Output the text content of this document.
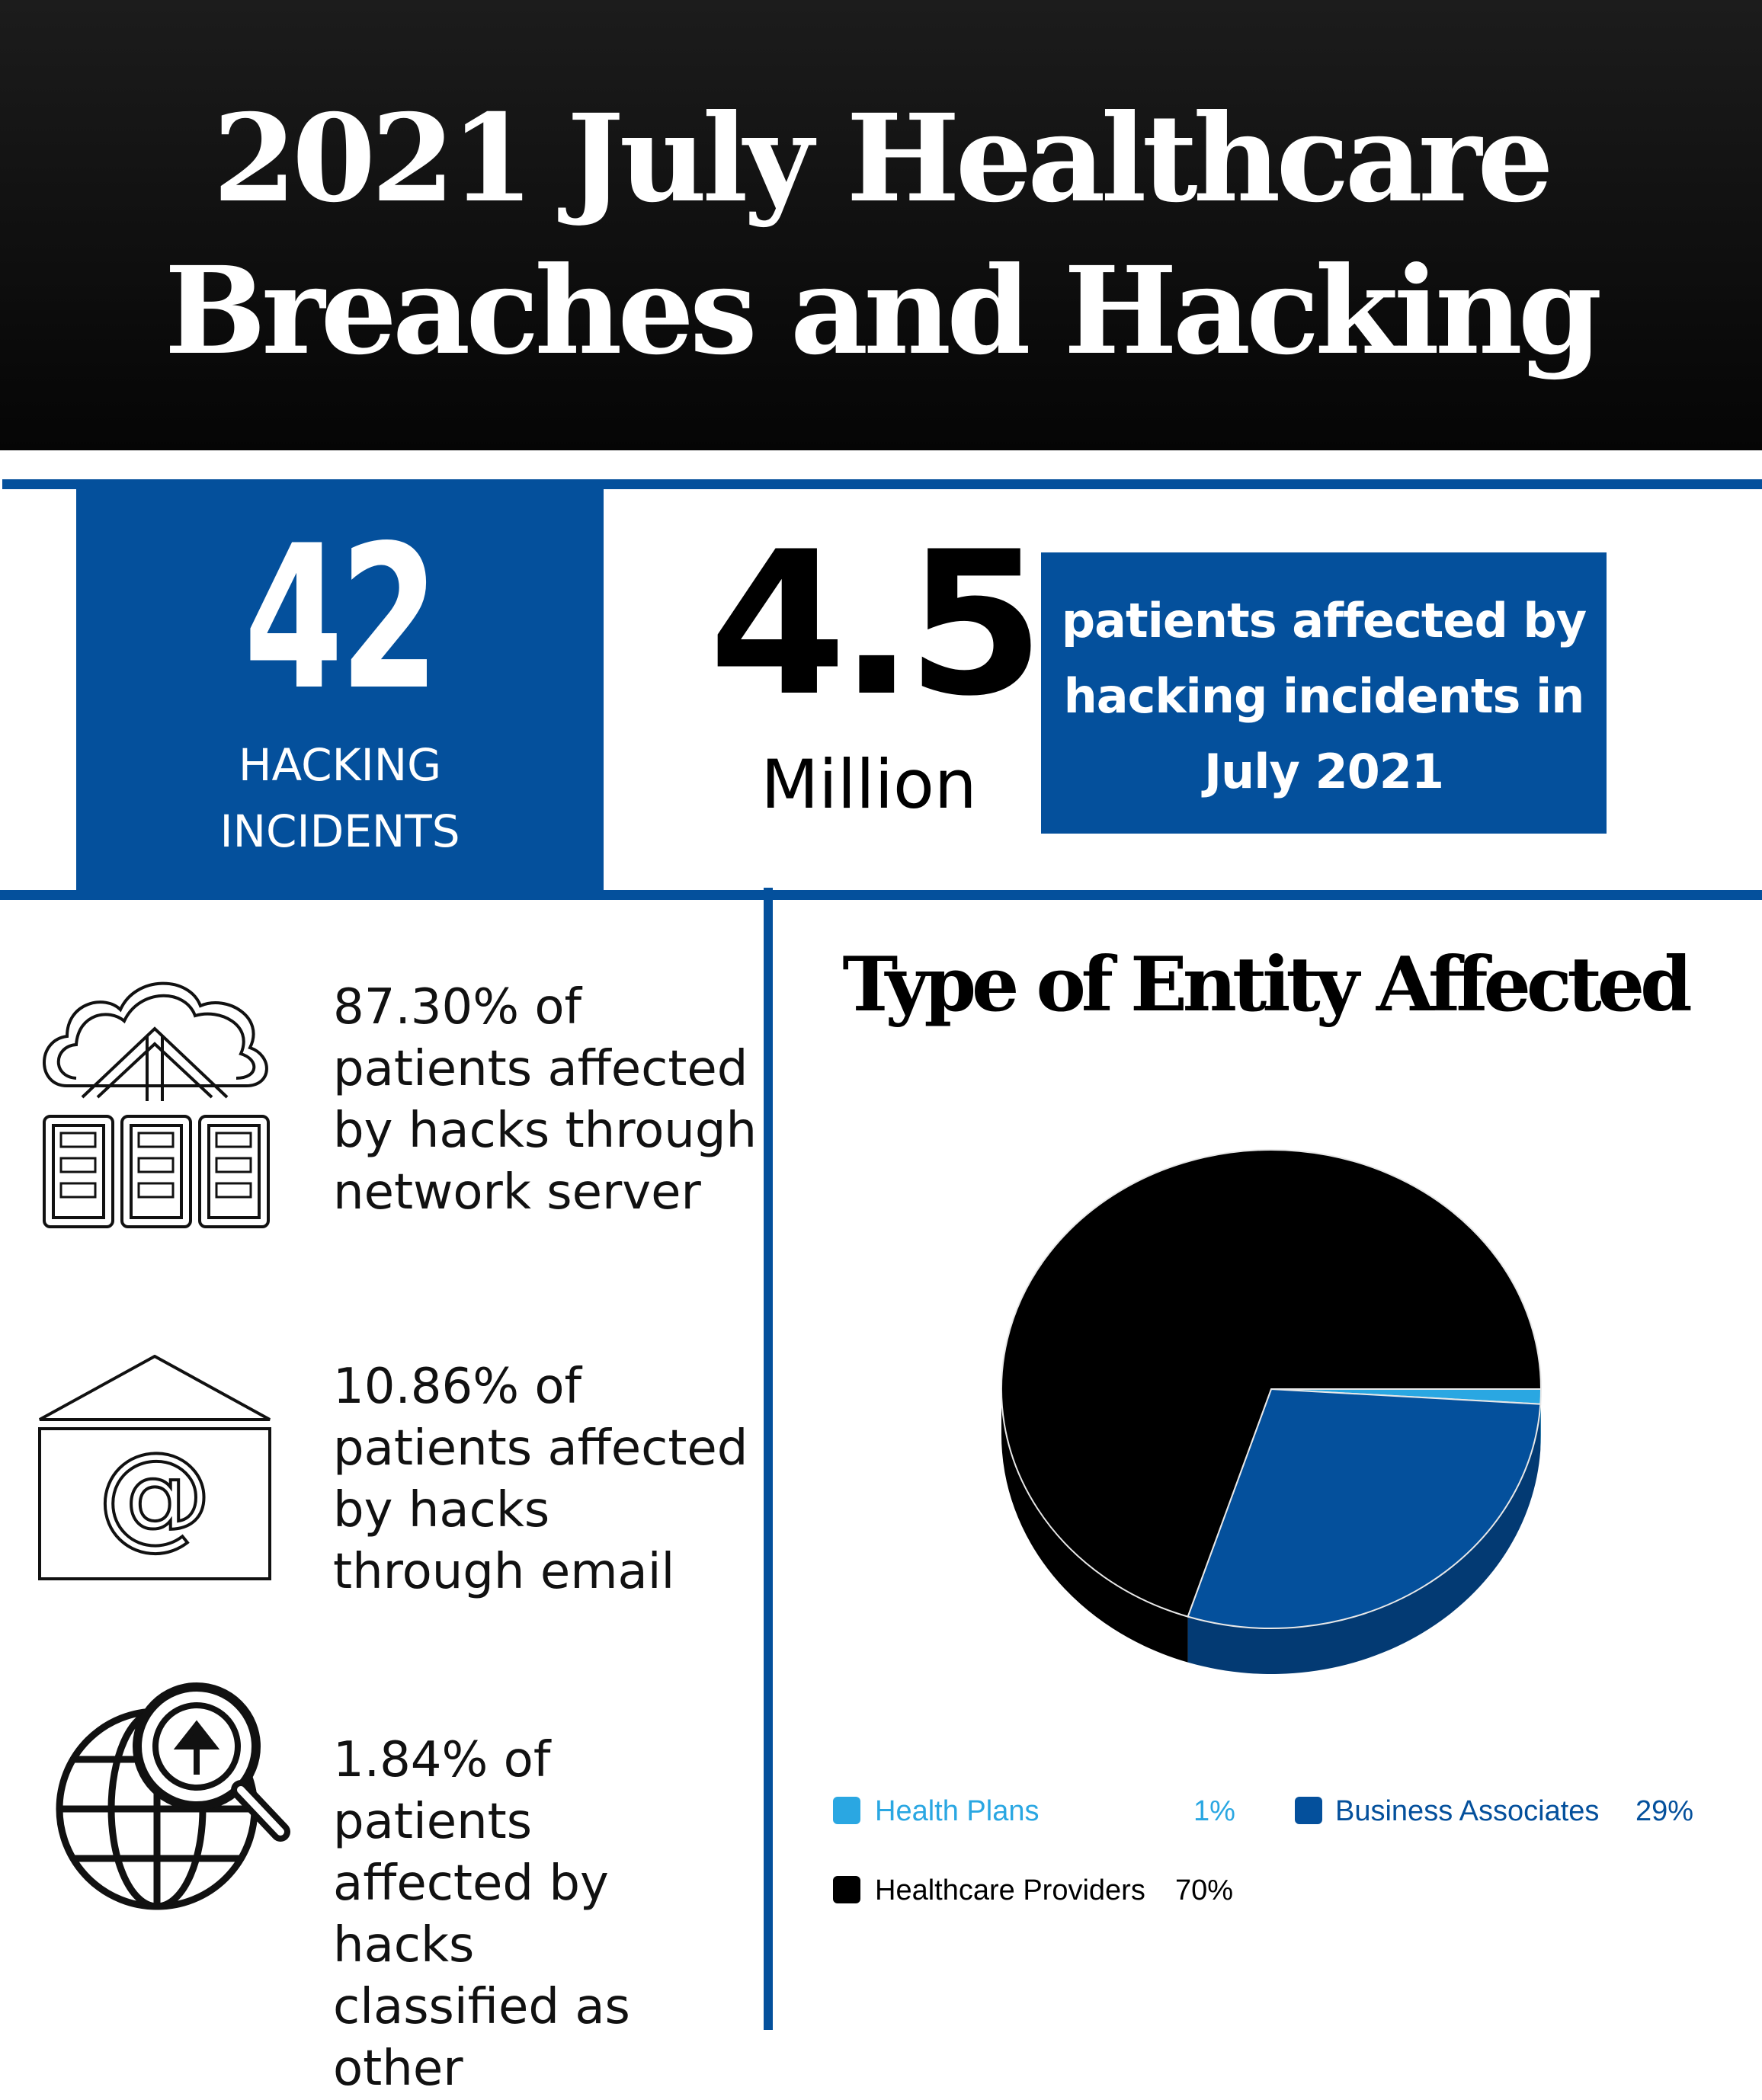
2021 July Healthcare
Breaches and Hacking
42
HACKING
INCIDENTS
4.5
Million
patients affected by
hacking incidents in
July 2021
87.30% of
patients affected
by hacks through
network server
@
10.86% of
patients affected
by hacks
through email
1.84% of patients
affected by hacks
classified as other
Type of Entity Affected
Health Plans	1%	Business Associates 29%
Healthcare Providers 70%
